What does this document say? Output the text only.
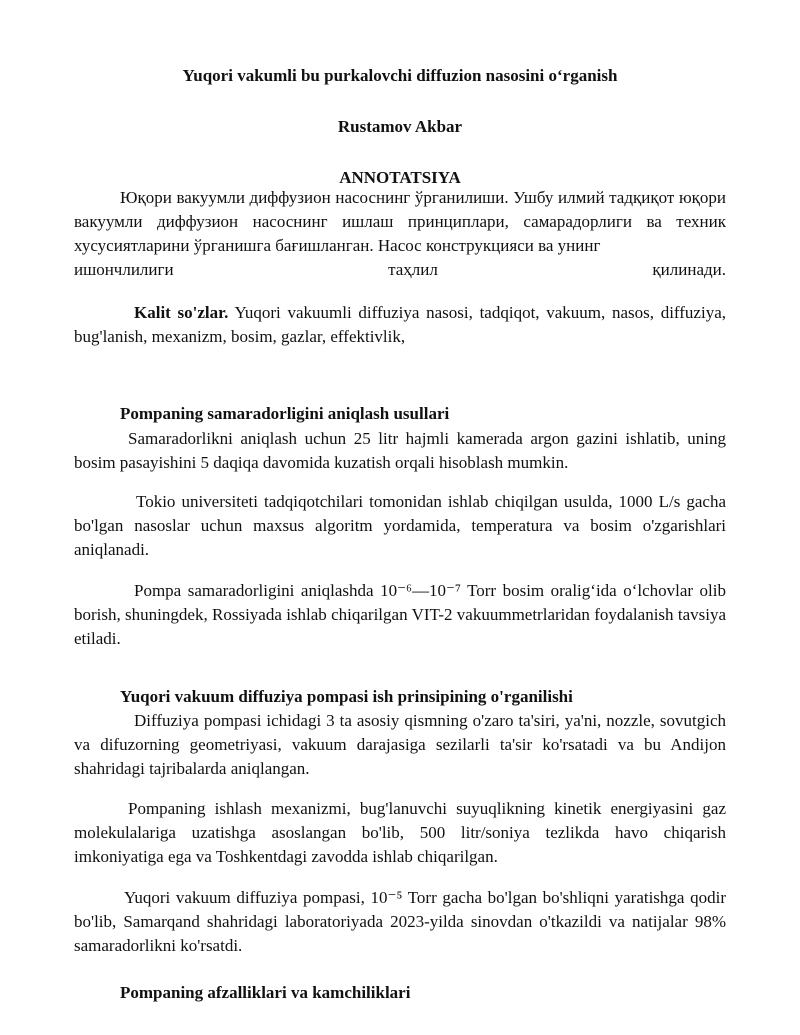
Yuqori vakumli bu purkalovchi diffuzion nasosini o‘rganish
Rustamov Akbar
ANNOTATSIYA

Юқори вакуумли диффузион насоснинг ўрганилиши. Ушбу илмий тадқиқот юқори вакуумли диффузион насоснинг ишлаш принциплари, самарадорлиги ва техник хусусиятларини ўрганишга бағишланган. Насос конструкцияси ва унинг

ишончлилиги таҳлил қилинади.

Kalit so'zlar. Yuqori vakuumli diffuziya nasosi, tadqiqot, vakuum, nasos, diffuziya, bug'lanish, mexanizm, bosim, gazlar, effektivlik,

Pompaning samaradorligini aniqlash usullari

Samaradorlikni aniqlash uchun 25 litr hajmli kamerada argon gazini ishlatib, uning bosim pasayishini 5 daqiqa davomida kuzatish orqali hisoblash mumkin.

Tokio universiteti tadqiqotchilari tomonidan ishlab chiqilgan usulda, 1000 L/s gacha bo'lgan nasoslar uchun maxsus algoritm yordamida, temperatura va bosim o'zgarishlari aniqlanadi.

Pompa samaradorligini aniqlashda 10⁻⁶—10⁻⁷ Torr bosim oralig‘ida o‘lchovlar olib borish, shuningdek, Rossiyada ishlab chiqarilgan VIT-2 vakuummetrlaridan foydalanish tavsiya etiladi.

Yuqori vakuum diffuziya pompasi ish prinsipining o'rganilishi

Diffuziya pompasi ichidagi 3 ta asosiy qismning o'zaro ta'siri, ya'ni, nozzle, sovutgich va difuzorning geometriyasi, vakuum darajasiga sezilarli ta'sir ko'rsatadi va bu Andijon shahridagi tajribalarda aniqlangan.

Pompaning ishlash mexanizmi, bug'lanuvchi suyuqlikning kinetik energiyasini gaz molekulalariga uzatishga asoslangan bo'lib, 500 litr/soniya tezlikda havo chiqarish imkoniyatiga ega va Toshkentdagi zavodda ishlab chiqarilgan.

Yuqori vakuum diffuziya pompasi, 10⁻⁵ Torr gacha bo'lgan bo'shliqni yaratishga qodir bo'lib, Samarqand shahridagi laboratoriyada 2023-yilda sinovdan o'tkazildi va natijalar 98% samaradorlikni ko'rsatdi.

Pompaning afzalliklari va kamchiliklari
